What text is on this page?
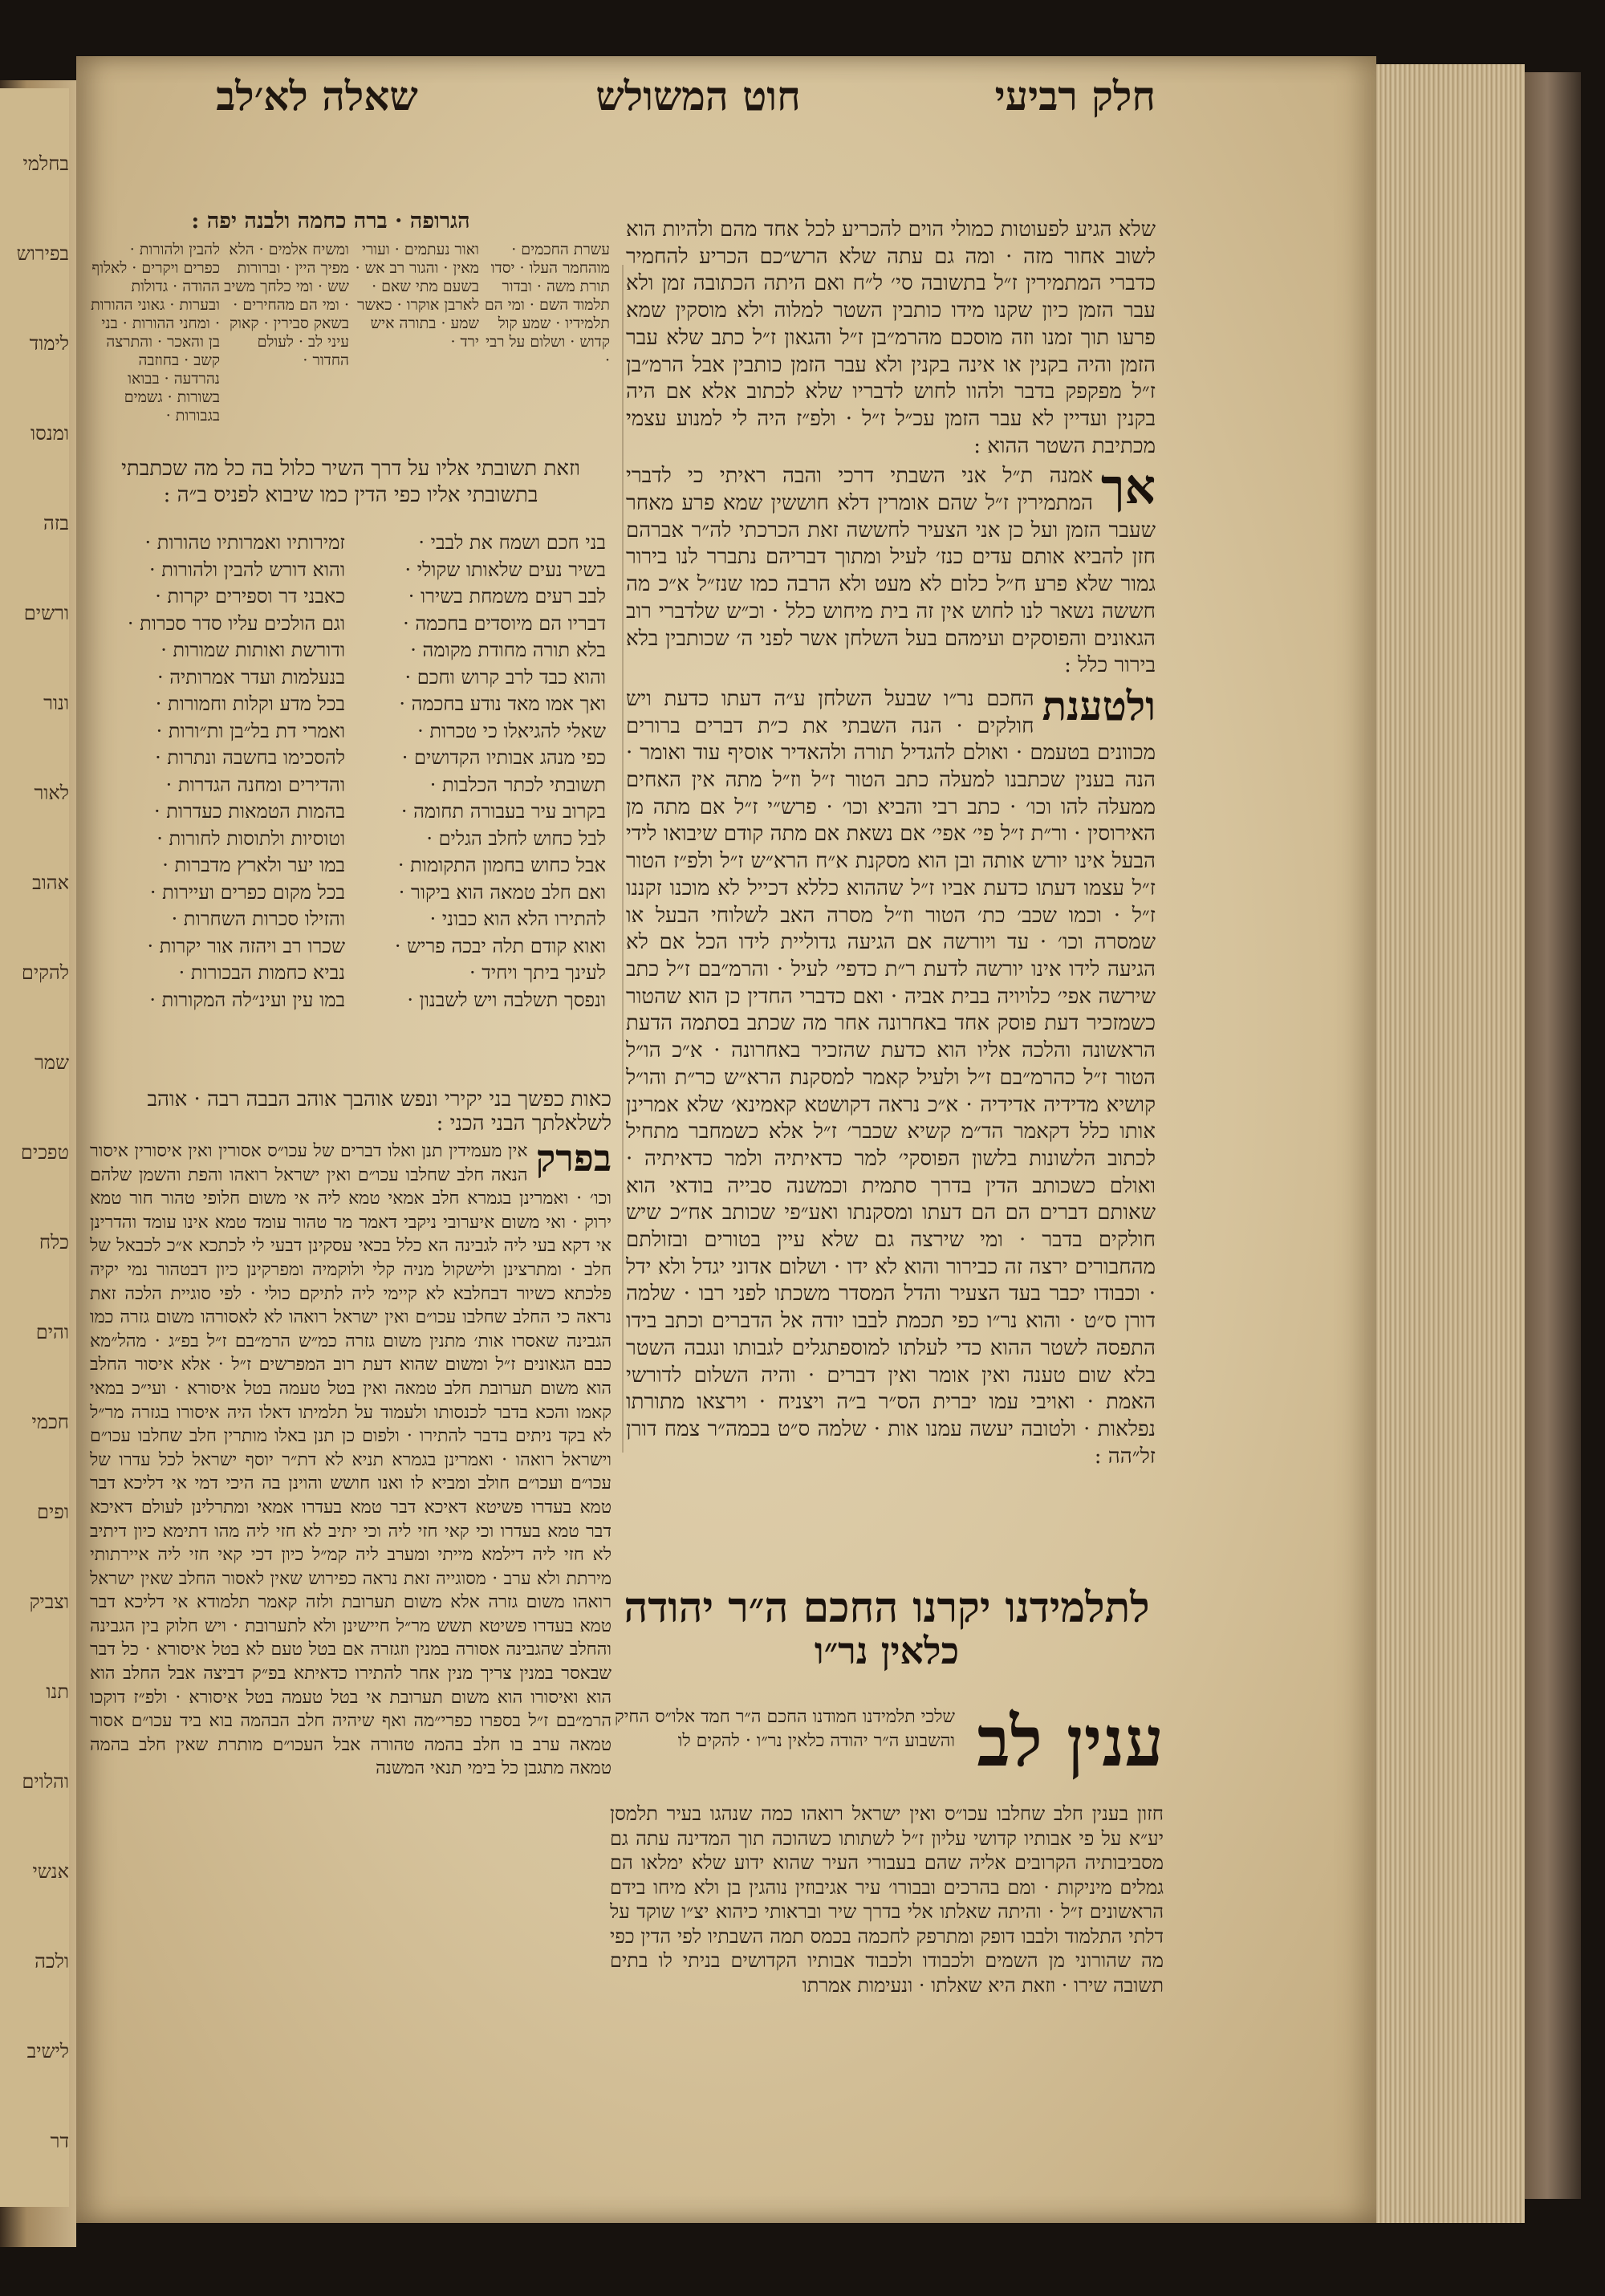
בחלמי
בפירוש
לימוד
ומנסו
בזה
ורשים
ונור
לאור
אהוב
להקים
שמר
טפכים
כלח
והים
חכמי
ופים
וצביק
תנו
והלוים
אנשי
ולכה
לישיב
דר
חלק רביעי
חוט המשולש
שאלה לא׳לב

שלא הגיע לפעוטות כמולי הוים להכריע לכל אחד מהם ולהיות הוא לשוב אחור מזה · ומה גם עתה שלא הרש״כם הכריע להחמיר כדברי המתמירין ז״ל בתשובה סי׳ ל״ח ואם היתה הכתובה זמן ולא עבר הזמן כיון שקנו מידו כותבין השטר למלוה ולא מוסקין שמא פרעו תוך זמנו וזה מוסכם מהרמ״בן ז״ל והגאון ז״ל כתב שלא עבר הזמן והיה בקנין או אינה בקנין ולא עבר הזמן כותבין אבל הרמ״בן ז״ל מפקפק בדבר ולהוו לחוש לדבריו שלא לכתוב אלא אם היה בקנין ועדיין לא עבר הזמן עכ״ל ז״ל · ולפ״ז היה לי למנוע עצמי מכתיבת השטר ההוא :

אך
אמנה ת״ל אני השבתי דרכי והבה ראיתי כי לדברי המתמירין ז״ל שהם אומרין דלא חוששין שמא פרע מאחר שעבר הזמן ועל כן אני הצעיר לחששה זאת הכרכתי לה״ר אברהם חזן להביא אותם עדים כנז׳ לעיל ומתוך דבריהם נתברר לנו בירור גמור שלא פרע ח״ל כלום לא מעט ולא הרבה כמו שנז״ל א״כ מה חששה נשאר לנו לחוש אין זה בית מיחוש כלל · וכ״ש שלדברי רוב הגאונים והפוסקים ועימהם בעל השלחן אשר לפני ה׳ שכותבין בלא בירור כלל :

ולטענת
החכם נר״ו שבעל השלחן ע״ה דעתו כדעת ויש חולקים · הנה השבתי את כ״ת דברים ברורים מכוונים בטעמם · ואולם להגדיל תורה ולהאדיר אוסיף עוד ואומר · הנה בענין שכתבנו למעלה כתב הטור ז״ל וז״ל מתה אין האחים ממעלה להו וכו׳ · כתב רבי והביא וכו׳ · פרש״י ז״ל אם מתה מן האירוסין · ור״ת ז״ל פי׳ אפי׳ אם נשאת אם מתה קודם שיבואו לידי הבעל אינו יורש אותה ובן הוא מסקנת א״ח הרא״ש ז״ל ולפ״ז הטור ז״ל עצמו דעתו כדעת אביו ז״ל שההוא כללא דכייל לא מוכנו זקננו ז״ל · וכמו שכב׳ כת׳ הטור וז״ל מסרה האב לשלוחי הבעל או שמסרה וכו׳ · עד ויורשה אם הגיעה גדוליית לידו הכל אם לא הגיעה לידו אינו יורשה לדעת ר״ת כדפי׳ לעיל · והרמ״בם ז״ל כתב שירשה אפי׳ כלויויה בבית אביה · ואם כדברי החדין כן הוא שהטור כשמזכיר דעת פוסק אחד באחרונה אחר מה שכתב בסתמה הדעת הראשונה והלכה אליו הוא כדעת שהזכיר באחרונה · א״כ הו״ל הטור ז״ל כהרמ״בם ז״ל ולעיל קאמר למסקנת הרא״ש כר״ת והו״ל קושיא מדידיה אדידיה · א״כ נראה דקושטא קאמינא׳ שלא אמרינן אותו כלל דקאמר הד״מ קשיא שכבר׳ ז״ל אלא כשמחבר מתחיל לכתוב הלשונות בלשון הפוסקי׳ למר כדאיתיה ולמר כדאיתיה · ואולם כשכותב הדין בדרך סתמית וכמשנה סבייה בודאי הוא שאותם דברים הם הם דעתו ומסקנתו ואע״פי שכותב אח״כ שיש חולקים בדבר · ומי שירצה גם שלא עיין בטורים ובזולתם מהחבורים ירצה זה כבירור והוא לא ידו · ושלום אדוני יגדל ולא ידל · וכבודו יכבר בעד הצעיר והדל המסדר משכתו לפני רבו · שלמה דורן ס״ט · והוא נר״ו כפי תכמת לבבו יודה אל הדברים וכתב בידו התפסה לשטר ההוא כדי לעלתו למוספתגלים לגבותו ונגבה השטר בלא שום טענה ואין אומר ואין דברים · והיה השלום לדורשי האמת · ואויבי עמו יברית הס״ר ב״ה ויצניח · וירצאו מתורתו נפלאות · ולטובה יעשה עמנו אות · שלמה ס״ט בכמה״ר צמח דורן זל״הה :

לתלמידנו יקרנו החכם ה״ר יהודה
כלאין נר״ו
ענין לב
שלכי תלמידנו חמודנו החכם ה״ר חמד אלו״ס החיק והשבוע ה״ר יהודה כלאין נר״ו · להקים לו
חזון בענין חלב שחלבו עכו״ס ואין ישראל רואהו כמה שנהגו בעיר תלמסן יע״א על פי אבותיו קדושי עליון ז״ל לשתותו כשהוכה תוך המדינה עתה גם מסביבותיה הקרובים אליה שהם בעבורי העיר שהוא ידוע שלא ימלאו הם גמלים מיניקות · ומם בהרכים ובבורו׳ עיר אגיבוזין נוהגין בן ולא מיחו בידם הראשונים ז״ל · והיתה שאלתו אלי בדרך שיר ובראותי כיהוא יצ״ו שוקד על דלתי התלמוד ולבבו דופק ומתרפק לחכמה בכמס תמה השבתיו לפי הדין כפי מה שהורוני מן השמים ולכבודו ולכבוד אבותיו הקדושים בניתי לו בתים תשובה שירו · וזאת היא שאלתו · ונעימות אמרתו
הגרופה · ברה כחמה ולבנה יפה :
עשרת החכמים · מוהחמר העלו · יסדו תורת משה · ובדור תלמוד השם · ומי הם תלמידיו · שמע קול קדוש · ושלום על רבי ·
ואור נעתמים · ועורי מאין · והגור רב אש · בשעם מתי שאם · לארבן אוקרו · כאשר שמע · בתורה איש ירד ·
ומשיח אלמים · הלא מפיך היין · וברורות שש · ומי כלחך משיב · ומי הם מהחירים · בשאק סבירין · קאוק עיני לב · לעולם החדור ·
להבין ולהורות · כפרים ויקרים · לאלוף ההודה · גדולות ובערות · גאוני ההורות · ומחני ההורות · בני בן והאכר · והתרצה קשב · בחוזבה נהרדעה · בבואו בשורות · גשמים בגבורות ·
וזאת תשובתי אליו על דרך השיר כלול בה כל מה שכתבתי בתשובתי אליו כפי הדין כמו שיבוא לפניס ב״ה :

בני חכם ושמח את לבבי ·

בשיר נעים שלאותו שקולי ·

לבב רעים משמחת בשירו ·

דבריו הם מיוסדים בחכמה ·

בלא תורה מחודת מקומה ·

והוא כבד לרב קרוש וחכם ·

ואך אמו מאד נודע בחכמה ·

שאלי להגיאלו כי טכרות ·

כפי מנהג אבותיו הקדושים ·

תשובתי לכתר הכלבות ·

בקרוב עיר בעבורה תחומה ·

לבל כחוש לחלב הגלים ·

אבל כחוש בחמון התקומות ·

ואם חלב טמאה הוא ביקור ·

להתירו הלא הוא כבוני ·

ואוא קודם תלה יבכה פריש ·

לעינך ביתך ויחיד ·

ונפסך תשלבה ויש לשבנון ·

זמירותיו ואמרותיו טהורות ·

והוא דורש להבין ולהורות ·

כאבני דר וספירים יקרות ·

וגם הולכים עליו סדר סכרות ·

ודורשת ואותות שמורות ·

בנעלמות ועדר אמרותיה ·

בכל מדע וקלות וחמורות ·

ואמרי דת בל״בן ות״ורות ·

להסכימו בחשבה ונתרות ·

והדירים ומחנה הגדרות ·

בהמות הטמאות כעדרות ·

וטוסיות ולתוסות לחורות ·

במו יער ולארץ מדברות ·

בכל מקום כפרים ועיירות ·

והזילו סכרות השחרות ·

שכרו רב ויהזה אור יקרות ·

נביא כחמות הבכורות ·

במו עין ועינ״לה המקורות ·

כאות כפשך בני יקירי ונפש אוהבך אוהב הבבה רבה · אוהב לשלאלתך הבני הכני :
בפרק
אין מעמידין תנן ואלו דברים של עכו״ס אסורין ואין איסורין איסור הנאה חלב שחלבו עכו״ם ואין ישראל רואהו והפת והשמן שלהם וכו׳ · ואמרינן בגמרא חלב אמאי טמא ליה אי משום חלופי טהור חור טמא ירוק · ואי משום איערובי ניקבי דאמר מר טהור עומד טמא אינו עומד והדרינן אי דקא בעי ליה לגבינה הא כלל בכאי עסקינן דבעי לי לכתכא א״כ לכבאל של חלב · ומתרצינן ולישקול מניה קלי ולוקמיה ומפרקינן כיון דבטהור נמי יקיה פלכתא כשיור דבחלבא לא קיימי ליה לתיקם כולי · לפי סוגיית הלכה זאת נראה כי החלב שחלבו עכו״ם ואין ישראל רואהו לא לאסורהו משום גזרה כמו הגבינה שאסרו אות׳ מתנין משום גזרה כמ״ש הרמ״בם ז״ל בפ״ג · מהל״מא כבם הגאונים ז״ל ומשום שהוא דעת רוב המפרשים ז״ל · אלא איסור החלב הוא משום תערובת חלב טמאה ואין בטל טעמה בטל איסורא · ועי״כ במאי קאמו והכא בדבר לכנסותו ולעמוד על תלמיתו דאלו היה איסורו בגזרה מר״ל לא בקד ניתים בדבר להתירו · ולפום כן תנן באלו מותרין חלב שחלבו עכו״ם וישראל רואהו · ואמרינן בגמרא תניא לא דת״ר יוסף ישראל לכל עדרו של עכו״ם ועכו״ם חולב ומביא לו ואנו חושש והוינן בה היכי דמי אי דליכא דבר טמא בעדרו פשיטא דאיכא דבר טמא בעדרו אמאי ומתרלינן לעולם דאיכא דבר טמא בעדרו וכי קאי חזי ליה וכי יתיב לא חזי ליה מהו דתימא כיון דיתיב לא חזי ליה דילמא מייתי ומערב ליה קמ״ל כיון דכי קאי חזי ליה איירתותי מירתת ולא ערב · מסוגייה זאת נראה כפירוש שאין לאסור החלב שאין ישראל רואהו משום גזרה אלא משום תערובת ולזה קאמר תלמודא אי דליכא דבר טמא בעדרו פשיטא תשש מר״ל חיישינן ולא לתערובת · ויש חלוק בין הגבינה והחלב שהגבינה אסורה במנין וזגזרה אם בטל טעם לא בטל איסורא · כל דבר שבאסר במנין צריך מנין אחר להתירו כדאיתא בפ״ק דביצה אבל החלב הוא הוא ואיסורו הוא משום תערובת אי בטל טעמה בטל איסורא · ולפ״ז דוקכו הרמ״בם ז״ל בספרו כפרי״מה ואף שיהיה חלב הבהמה בוא ביד עכו״ם אסור טמאה ערב בו חלב בהמה טהורה אבל העכו״ם מותרת שאין חלב בהמה טמאה מתגבן כל בימי תנאי המשנה
